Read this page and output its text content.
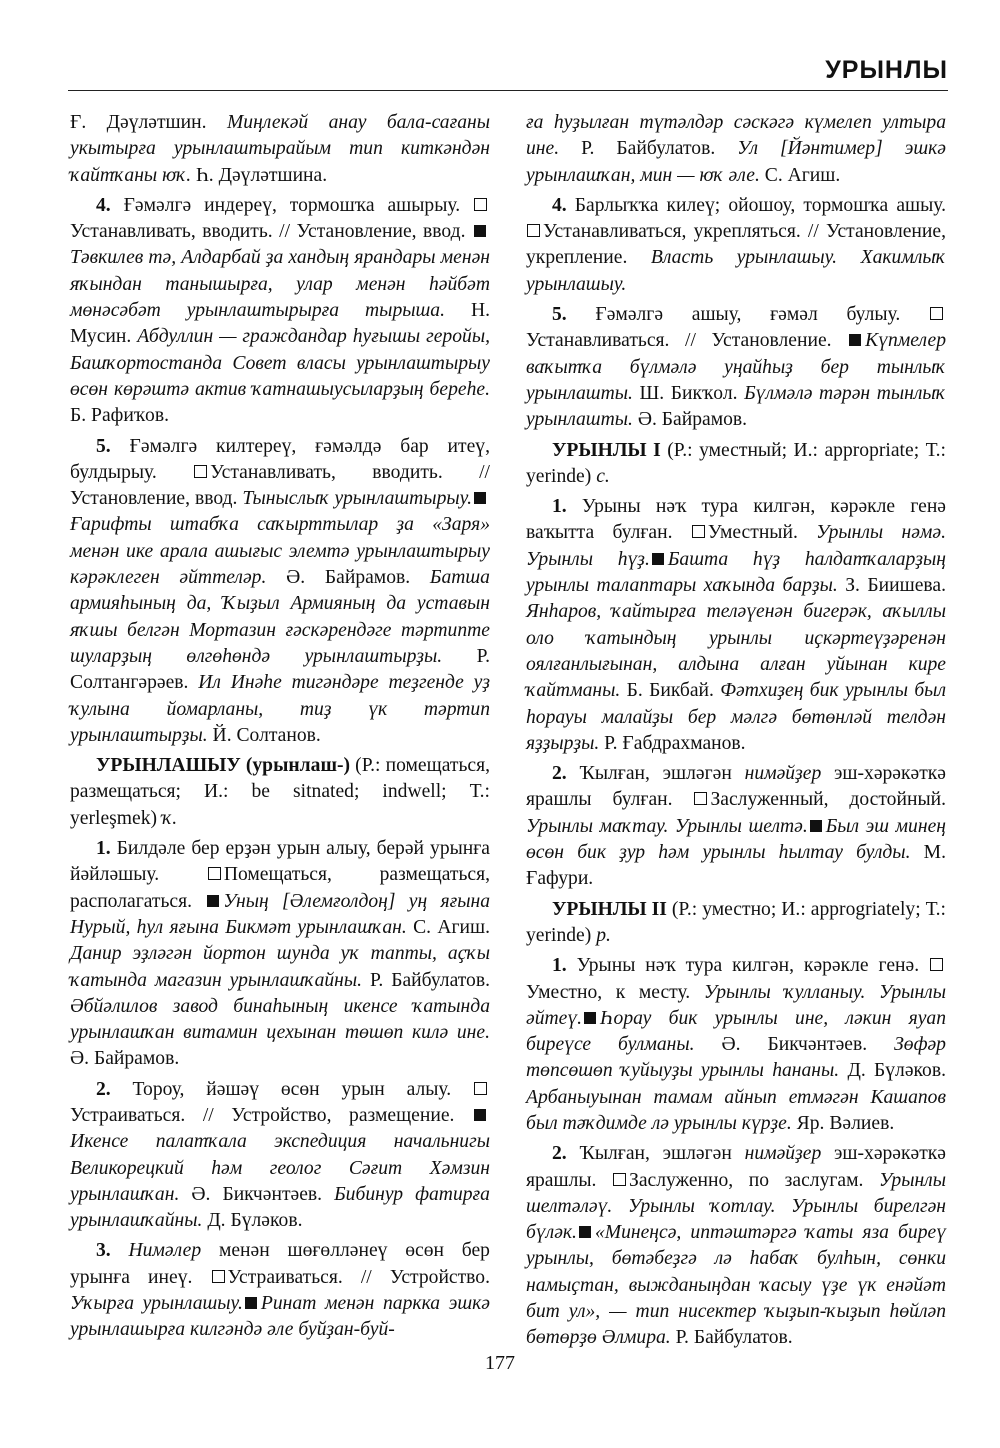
УРЫНЛЫ

Ғ. Дәүләтшин. Миңлекәй анау бала-сағаны укытырға урынлаштырайым тип киткәндән ҡайтҡаны юҡ. Һ. Дәүләтшина.

4. Ғәмәлгә индереү, тормошҡа ашырыу. Устанавливать, вводить. // Установление, ввод. Тәвкилев тә, Алдарбай ҙа хандың ярандары менән яҡындан танышырға, улар менән һәйбәт мөнәсәбәт урынлаштырырға тырыша. Н. Мусин. Абдуллин — граждандар һуғышы геройы, Башҡортостанда Совет власы урынлаштырыу өсөн көрәштә актив ҡатнашыусыларҙың береһе. Б. Рафиҡов.

5. Ғәмәлгә килтереү, ғәмәлдә бар итеү, булдырыу. Устанавливать, вводить. // Установление, ввод. Тыныслыҡ урынлаштырыу.Ғарифты штабҡа саҡырттылар ҙа «Заря» менән ике арала ашығыс элемтә урынлаштырыу кәрәклеген әйттеләр. Ә. Байрамов. Батша армияһының да, Ҡыҙыл Армияның да уставын яҡшы белгән Мортазин ғәскәрендәге тәртипте шуларҙың өлгөһөндә урынлаштырҙы. Р. Солтангәрәев. Ил Инәһе тигәндәре теҙгенде уҙ ҡулына йомарланы, тиҙ үк тәртип урынлаштырҙы. Й. Солтанов.

УРЫНЛАШЫУ (урынлаш-) (Р.: помещаться, размещаться; И.: be sitnated; indwell; Т.: yerleşmek) ҡ.

1. Билдәле бер ерҙән урын алыу, берәй урынға йәйләшыу. Помещаться, размещаться, располагаться. Уның [Әлемғолдоң] уң яғына Нурый, һул яғына Бикмәт урынлашҡан. С. Агиш. Данир эҙләгән йортон шунда уҡ тапты, аҫҡы ҡатында магазин урынлашҡайны. Р. Байбулатов. Әбйәлилов завод бинаһының икенсе ҡатында урынлашҡан витамин цехынан төшөп килә ине. Ә. Байрамов.

2. Тороу, йәшәү өсөн урын алыу. Устраиваться. // Устройство, размещение. Икенсе палатҡала экспедиция начальнигы Великорецкий һәм геолог Сәғит Хәмзин урынлашҡан. Ә. Бикчәнтәев. Бибинур фатирға урынлашҡайны. Д. Бүләков.

3. Нимәлер менән шөғөлләнеү өсөн бер урынға инеү. Устраиваться. // Устройство. Уҡырға урынлашыу. Ринат менән паркка эшкә урынлашырға килгәндә әле буйҙан-буй-

ға һуҙылған түтәлдәр сәскәгә күмелеп ултыра ине. Р. Байбулатов. Ул [Йәнтимер] эшкә урынлашҡан, мин — юҡ әле. С. Агиш.

4. Барлыҡҡа килеү; ойошоу, тормошҡа ашыу. Устанавливаться, укрепляться. // Установление, укрепление. Власть урынлашыу. Хакимлыҡ урынлашыу.

5. Ғәмәлгә ашыу, ғәмәл булыу. Устанавливаться. // Установление. Күпмелер ваҡытҡа бүлмәлә уңайһыҙ бер тынлыҡ урынлашты. Ш. Бикҡол. Бүлмәлә тәрән тынлыҡ урынлашты. Ә. Байрамов.

УРЫНЛЫ I (Р.: уместный; И.: appropriate; Т.: yerinde) с.

1. Урыны нәҡ тура килгән, кәрәкле генә ваҡытта булған. Уместный. Урынлы нәмә. Урынлы һүҙ. Башта һүҙ һалдатҡаларҙың урынлы талаптары хаҡында барҙы. З. Биишева. Янһаров, ҡайтырға теләүенән бигерәк, аҡыллы оло ҡатындың урынлы иҫкәртеүҙәренән оялғанлығынан, алдына алған уйынан кире ҡайтманы. Б. Бикбай. Фәтхиҙең бик урынлы был һорауы малайҙы бер мәлгә бөтөнләй телдән яҙҙырҙы. Р. Ғабдрахманов.

2. Ҡылған, эшләгән нимәйҙер эш-хәрәкәткә ярашлы булған. Заслуженный, достойный. Урынлы маҡтау. Урынлы шелтә. Был эш минең өсөн бик ҙур һәм урынлы һылтау булды. М. Ғафури.

УРЫНЛЫ II (Р.: уместно; И.: approgriately; Т.: yerinde) р.

1. Урыны нәҡ тура килгән, кәрәкле генә. Уместно, к месту. Урынлы ҡулланыу. Урынлы әйтеү. Һорау бик урынлы ине, ләкин яуап биреүсе булманы. Ә. Бикчәнтәев. Зөфәр төпсөшөп ҡуйыуҙы урынлы һананы. Д. Бүләков. Арбаныуынан тамам айнып етмәгән Кашапов был тәҡдимде лә урынлы күрҙе. Яр. Вәлиев.

2. Ҡылған, эшләгән нимәйҙер эш-хәрәкәткә ярашлы. Заслуженно, по заслугам. Урынлы шелтәләү. Урынлы ҡотлау. Урынлы бирелгән бүләк. «Минеңсә, иптәштәргә ҡаты яза биреү урынлы, бөтәбеҙгә лә һабаҡ булһын, сөнки намыҫтан, выжданыңдан ҡасыу үҙе үк енәйәт бит ул», — тип нисектер ҡыҙып-ҡыҙып һөйләп бөтөрҙө Әлмира. Р. Байбулатов.

177
